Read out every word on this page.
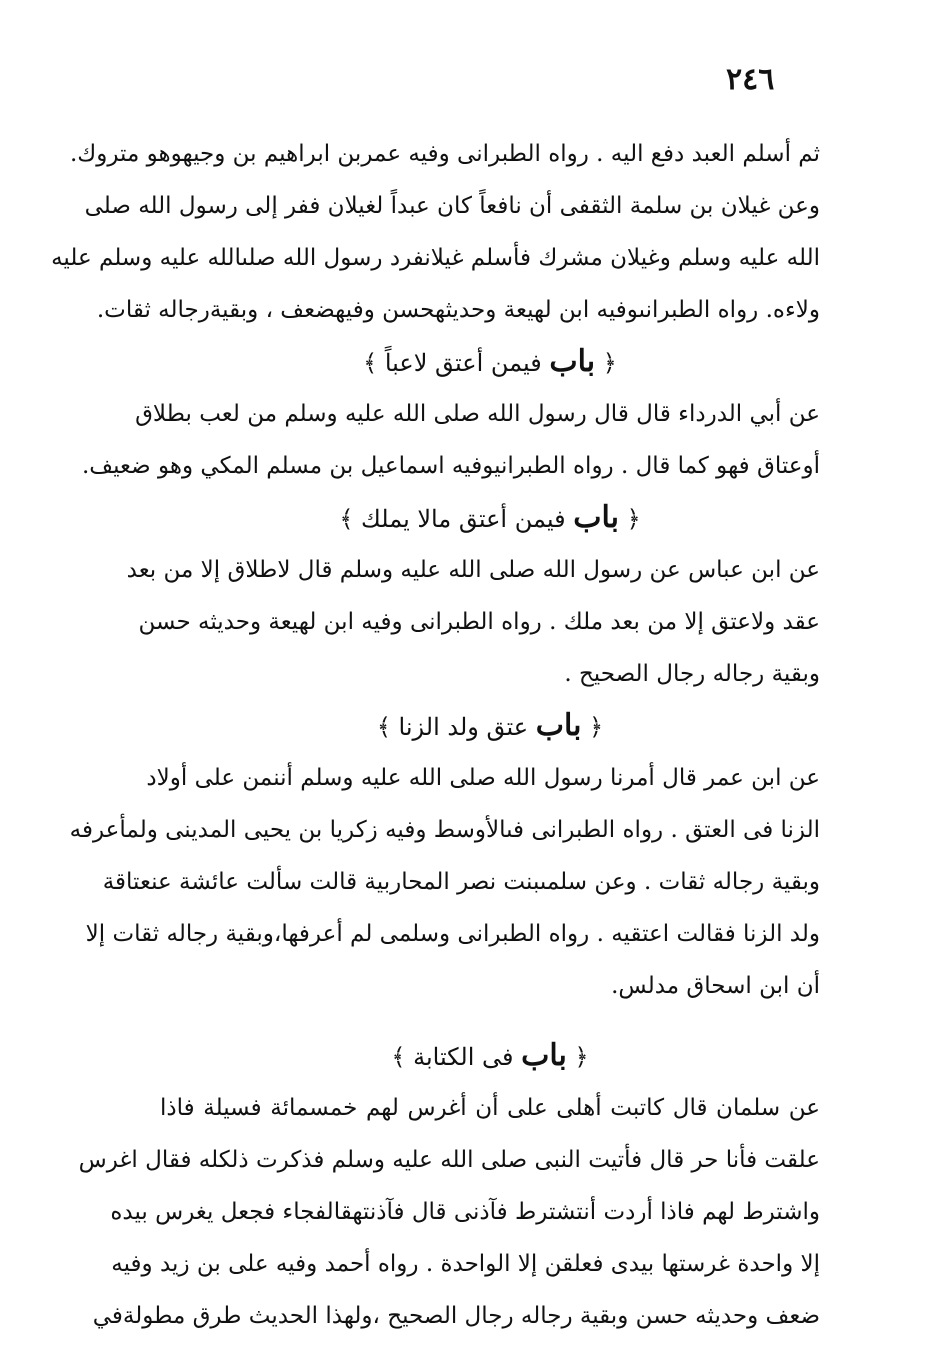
٢٤٦
ثم أسلم العبد دفع اليه . رواه الطبرانى وفيه عمربن ابراهيم بن وجيهوهو متروك.
وعن غيلان بن سلمة الثقفى أن نافعاً كان عبداً لغيلان ففر إلى رسول الله صلى
الله عليه وسلم وغيلان مشرك فأسلم غيلانفرد رسول الله صلىالله عليه وسلم عليه
ولاءه. رواه الطبرانىوفيه ابن لهيعة وحديثهحسن وفيهضعف ، وبقيةرجاله ثقات.
﴿ باب فيمن أعتق لاعباً ﴾
عن أبي الدرداء قال قال رسول الله صلى الله عليه وسلم من لعب بطلاق
أوعتاق فهو كما قال . رواه الطبرانيوفيه اسماعيل بن مسلم المكي وهو ضعيف.
﴿ باب فيمن أعتق مالا يملك ﴾
عن ابن عباس عن رسول الله صلى الله عليه وسلم قال لاطلاق إلا من بعد
عقد ولاعتق إلا من بعد ملك . رواه الطبرانى وفيه ابن لهيعة وحديثه حسن
وبقية رجاله رجال الصحيح .
﴿ باب عتق ولد الزنا ﴾
عن ابن عمر قال أمرنا رسول الله صلى الله عليه وسلم أننمن على أولاد
الزنا فى العتق . رواه الطبرانى فىالأوسط وفيه زكريا بن يحيى المدينى ولمأعرفه
وبقية رجاله ثقات . وعن سلمىبنت نصر المحاربية قالت سألت عائشة عنعتاقة
ولد الزنا فقالت اعتقيه . رواه الطبرانى وسلمى لم أعرفها،وبقية رجاله ثقات إلا
أن ابن اسحاق مدلس.
﴿ باب فى الكتابة ﴾
عن سلمان قال كاتبت أهلى على أن أغرس لهم خمسمائة فسيلة فاذا
علقت فأنا حر قال فأتيت النبى صلى الله عليه وسلم فذكرت ذلكله فقال اغرس
واشترط لهم فاذا أردت أنتشترط فآذنى قال فآذنتهقالفجاء فجعل يغرس بيده
إلا واحدة غرستها بيدى فعلقن إلا الواحدة . رواه أحمد وفيه على بن زيد وفيه
ضعف وحديثه حسن وبقية رجاله رجال الصحيح ،ولهذا الحديث طرق مطولةفي
